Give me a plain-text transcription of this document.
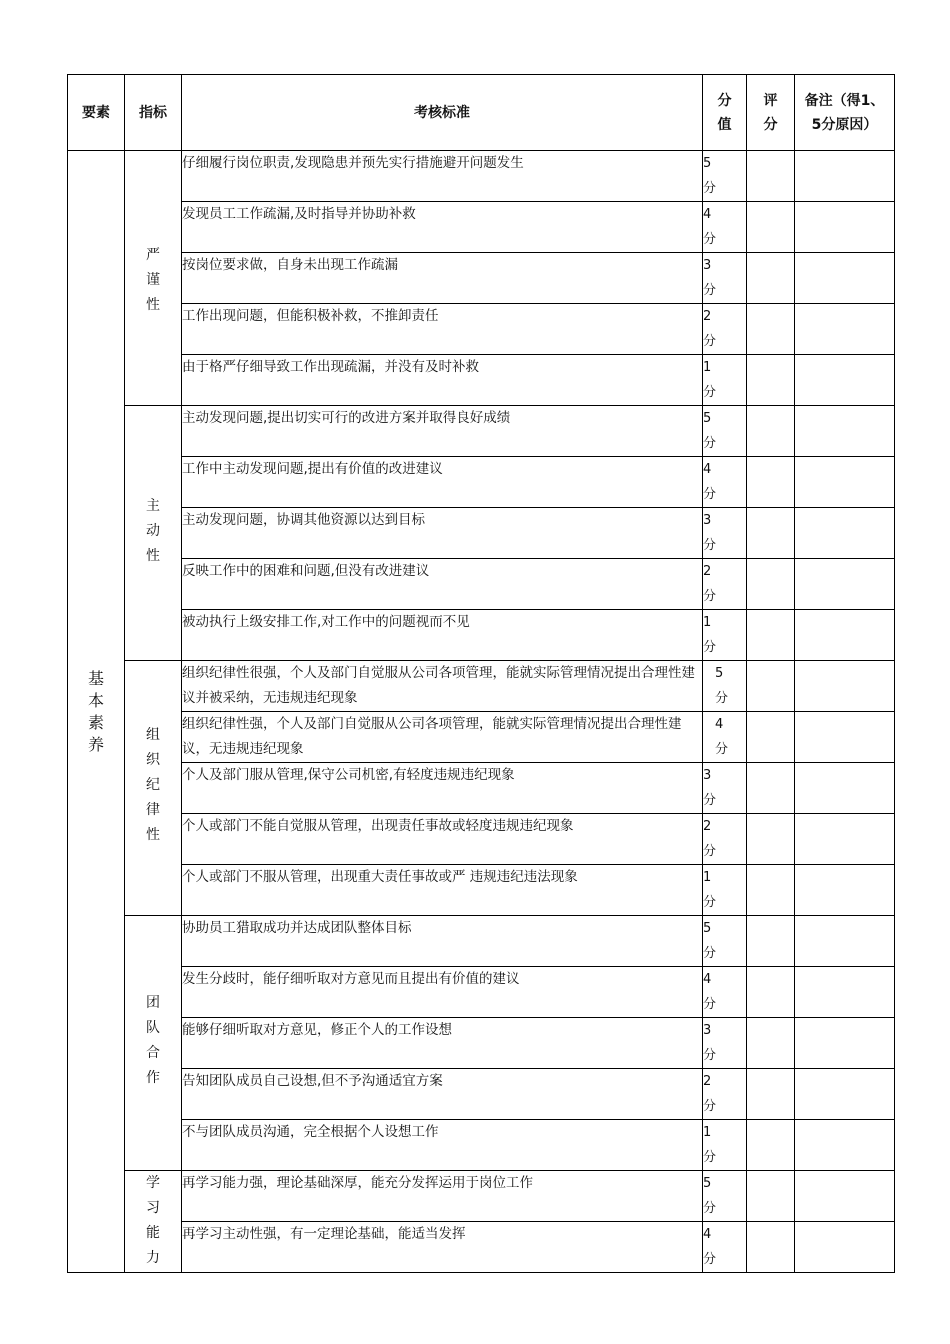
要素	指标	考核标准	分值	评分	备注（得1、5分原因）
基本素养	严谨性	仔细履行岗位职责,发现隐患并预先实行措施避开问题发生	5分		
		发现员工工作疏漏,及时指导并协助补救	4分		
		按岗位要求做，自身未出现工作疏漏	3分		
		工作出现问题，但能积极补救，不推卸责任	2分		
		由于格严仔细导致工作出现疏漏，并没有及时补救	1分		
	主动性	主动发现问题,提出切实可行的改进方案并取得良好成绩	5分		
		工作中主动发现问题,提出有价值的改进建议	4分		
		主动发现问题，协调其他资源以达到目标	3分		
		反映工作中的困难和问题,但没有改进建议	2分		
		被动执行上级安排工作,对工作中的问题视而不见	1分		
	组织纪律性	组织纪律性很强，个人及部门自觉服从公司各项管理，能就实际管理情况提出合理性建议并被采纳，无违规违纪现象	5分		
		组织纪律性强，个人及部门自觉服从公司各项管理，能就实际管理情况提出合理性建议，无违规违纪现象	4分		
		个人及部门服从管理,保守公司机密,有轻度违规违纪现象	3分		
		个人或部门不能自觉服从管理，出现责任事故或轻度违规违纪现象	2分		
		个人或部门不服从管理，出现重大责任事故或严 违规违纪违法现象	1分		
	团队合作	协助员工猎取成功并达成团队整体目标	5分		
		发生分歧时，能仔细听取对方意见而且提出有价值的建议	4分		
		能够仔细听取对方意见，修正个人的工作设想	3分		
		告知团队成员自己设想,但不予沟通适宜方案	2分		
		不与团队成员沟通，完全根据个人设想工作	1分		
	学习能力	再学习能力强，理论基础深厚，能充分发挥运用于岗位工作	5分		
		再学习主动性强，有一定理论基础，能适当发挥	4分		
